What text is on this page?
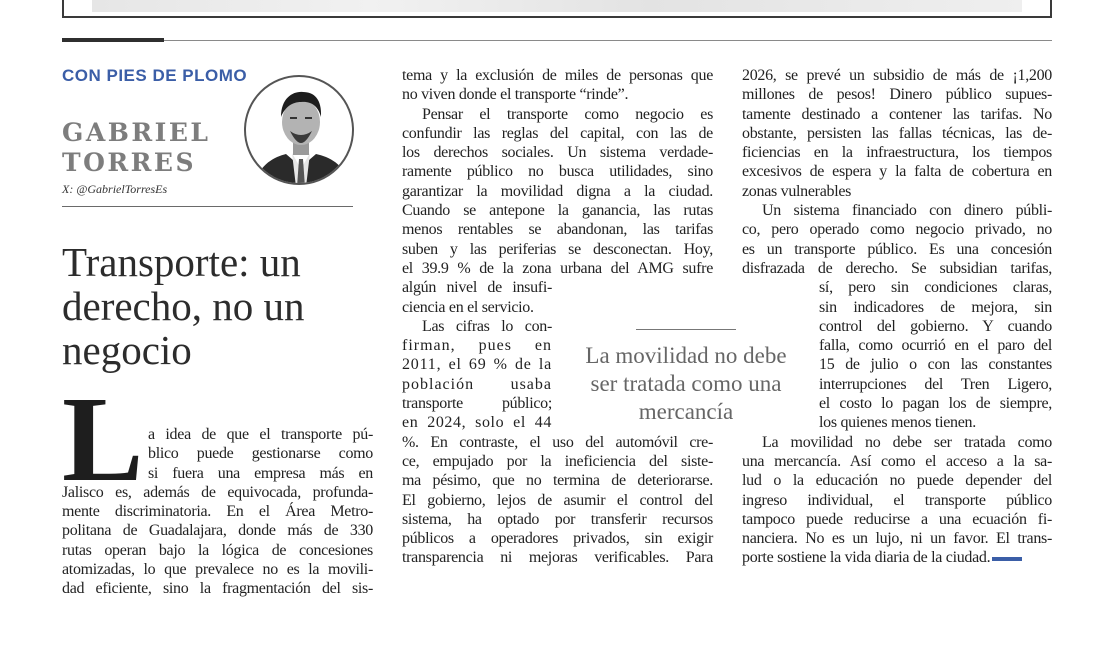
CON PIES DE PLOMO
GABRIEL
TORRES
X: @GabrielTorresEs
Transporte: un
derecho, no un
negocio
L a idea de que el transporte pú-
blico puede gestionarse como
si fuera una empresa más en
Jalisco es, además de equivocada, profunda-
mente discriminatoria. En el Área Metro-
politana de Guadalajara, donde más de 330
rutas operan bajo la lógica de concesiones
atomizadas, lo que prevalece no es la movili-
dad eficiente, sino la fragmentación del sis-
tema y la exclusión de miles de personas que
no viven donde el transporte “rinde”.
Pensar el transporte como negocio es
confundir las reglas del capital, con las de
los derechos sociales. Un sistema verdade-
ramente público no busca utilidades, sino
garantizar la movilidad digna a la ciudad.
Cuando se antepone la ganancia, las rutas
menos rentables se abandonan, las tarifas
suben y las periferias se desconectan. Hoy,
el 39.9 % de la zona urbana del AMG sufre
algún nivel de insufi-
ciencia en el servicio.
Las cifras lo con-
firman, pues en
2011, el 69 % de la
población usaba
transporte público;
en 2024, solo el 44
%. En contraste, el uso del automóvil cre-
ce, empujado por la ineficiencia del siste-
ma pésimo, que no termina de deteriorarse.
El gobierno, lejos de asumir el control del
sistema, ha optado por transferir recursos
públicos a operadores privados, sin exigir
transparencia ni mejoras verificables. Para
La movilidad no debe
ser tratada como una
mercancía
2026, se prevé un subsidio de más de ¡1,200
millones de pesos! Dinero público supues-
tamente destinado a contener las tarifas. No
obstante, persisten las fallas técnicas, las de-
ficiencias en la infraestructura, los tiempos
excesivos de espera y la falta de cobertura en
zonas vulnerables
Un sistema financiado con dinero públi-
co, pero operado como negocio privado, no
es un transporte público. Es una concesión
disfrazada de derecho. Se subsidian tarifas,
sí, pero sin condiciones claras,
sin indicadores de mejora, sin
control del gobierno. Y cuando
falla, como ocurrió en el paro del
15 de julio o con las constantes
interrupciones del Tren Ligero,
el costo lo pagan los de siempre,
los quienes menos tienen.
La movilidad no debe ser tratada como
una mercancía. Así como el acceso a la sa-
lud o la educación no puede depender del
ingreso individual, el transporte público
tampoco puede reducirse a una ecuación fi-
nanciera. No es un lujo, ni un favor. El trans-
porte sostiene la vida diaria de la ciudad.
